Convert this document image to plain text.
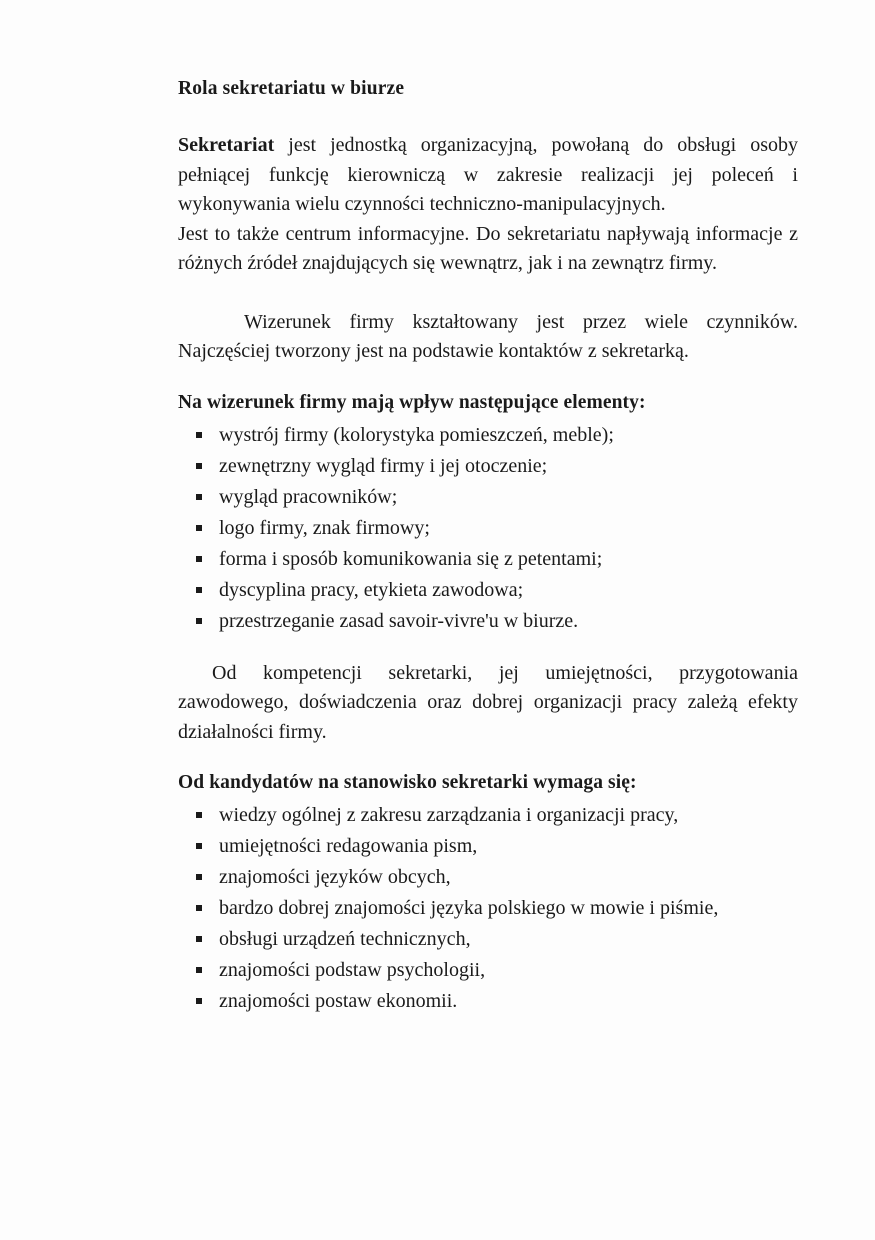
Rola sekretariatu w biurze

Sekretariat jest jednostką organizacyjną, powołaną do obsługi osoby pełniącej funkcję kierowniczą w zakresie realizacji jej poleceń i wykonywania wielu czynności techniczno-manipulacyjnych.

Jest to także centrum informacyjne. Do sekretariatu napływają informacje z różnych źródeł znajdujących się wewnątrz, jak i na zewnątrz firmy.

Wizerunek firmy kształtowany jest przez wiele czynników. Najczęściej tworzony jest na podstawie kontaktów z sekretarką.

Na wizerunek firmy mają wpływ następujące elementy:
wystrój firmy (kolorystyka pomieszczeń, meble);
zewnętrzny wygląd firmy i jej otoczenie;
wygląd pracowników;
logo firmy, znak firmowy;
forma i sposób komunikowania się z petentami;
dyscyplina pracy, etykieta zawodowa;
przestrzeganie zasad savoir-vivre'u w biurze.

Od kompetencji sekretarki, jej umiejętności, przygotowania zawodowego, doświadczenia oraz dobrej organizacji pracy zależą efekty działalności firmy.

Od kandydatów na stanowisko sekretarki wymaga się:
wiedzy ogólnej z zakresu zarządzania i organizacji pracy,
umiejętności redagowania pism,
znajomości języków obcych,
bardzo dobrej znajomości języka polskiego w mowie i piśmie,
obsługi urządzeń technicznych,
znajomości podstaw psychologii,
znajomości postaw ekonomii.
